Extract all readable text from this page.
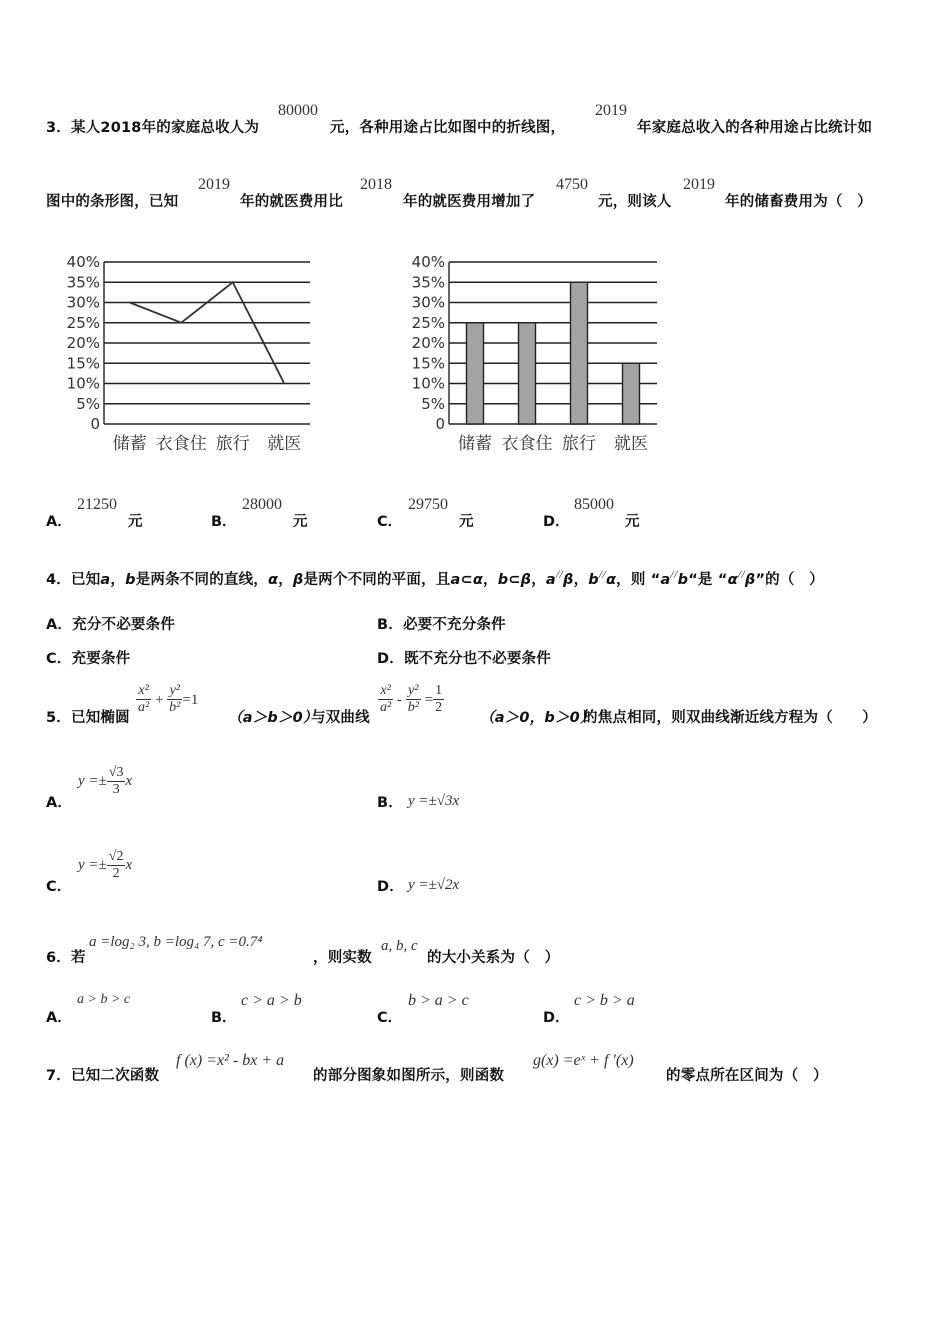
3．某人2018年的家庭总收人为
80000
元，各种用途占比如图中的折线图，
2019
年家庭总收入的各种用途占比统计如
图中的条形图，已知
2019
年的就医费用比
2018
年的就医费用增加了
4750
元，则该人
2019
年的储畜费用为（　）
40%
35%
30%
25%
20%
15%
10%
5%
0
储蓄 衣食住 旅行 就医
40%
35%
30%
25%
20%
15%
10%
5%
0
储蓄 衣食住 旅行 就医
A．
21250
元	B．
28000
元	C．
29750
元	D．
85000
元
4．已知a，b是两条不同的直线，α，β是两个不同的平面，且a⊂α，b⊂β，a//β，b//α，则 “a//b“是 “α//β”的（　）
A．充分不必要条件	B．必要不充分条件
C．充要条件	D．既不充分也不必要条件
5．已知椭圆
$\frac{\text{x²}}{\text{a²}} + \frac{\text{y²}}{\text{b²}} =1$
（a＞b＞0）
与双曲线
$\frac{\text{x²}}{\text{a²}} - \frac{\text{y²}}{\text{b²}} = \frac{1}{2}$
（a＞0，b＞0）
的焦点相同，则双曲线渐近线方程为（　　）
A．
$y =\pm \frac{√3}{3}$ x
B． y =±√3x
C．
$y =\pm \frac{√2}{2}$ x
D． y =±√2x
6．若
a =log₂ 3, b =log₄ 7, c =0.7⁴
，则实数
a, b, c
的大小关系为（　）
A．
a > b > c
B．
c > a > b
C．
b > a > c
D．
c > b > a
7．已知二次函数
f (x) =x² - bx + a
的部分图象如图所示，则函数
g(x) =eˣ + f ′(x)
的零点所在区间为（　）
